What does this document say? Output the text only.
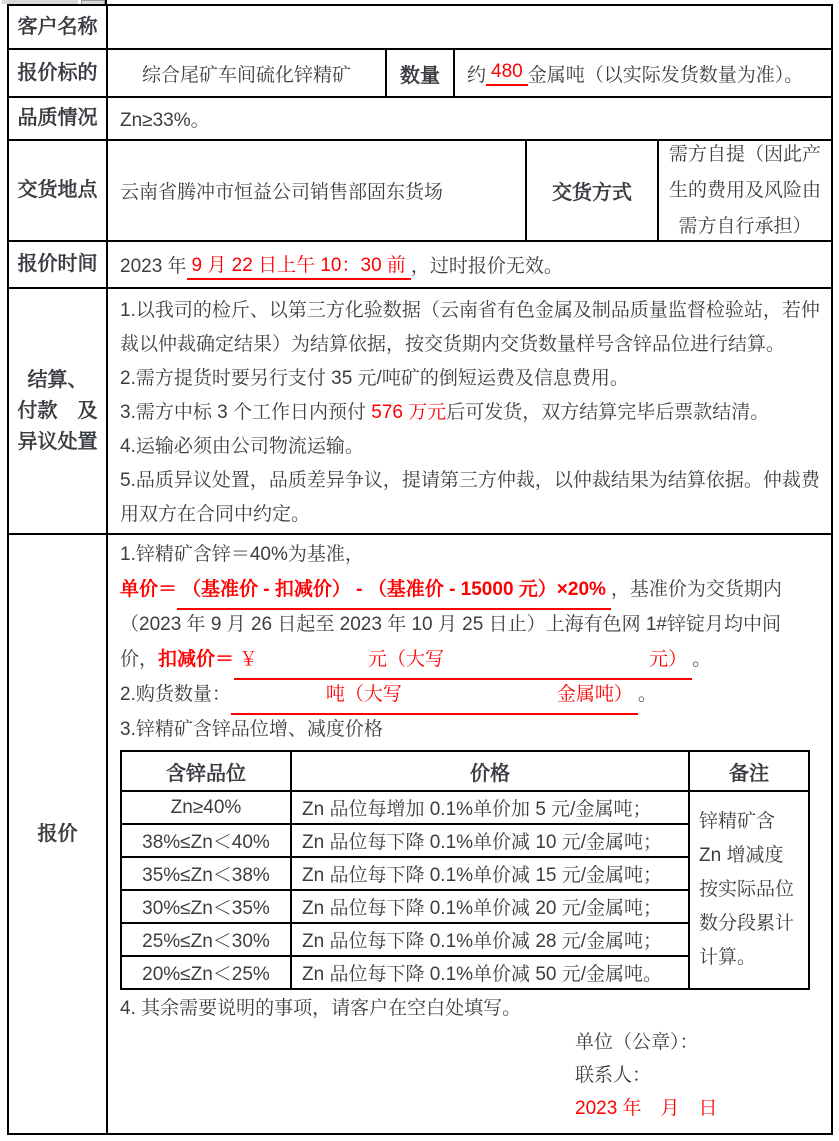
客户名称
报价标的 综合尾矿车间硫化锌精矿 数量 约 480 金属吨（以实际发货数量为准）。
品质情况 Zn≥33%。
交货地点 云南省腾冲市恒益公司销售部固东货场	交货方式
需方自提（因此产生的费用及风险由需方自行承担）
报价时间 2023 年 9 月 22 日上午 10：30 前 ，过时报价无效。
结算、
付款　及
异议处置
1.以我司的检斤、以第三方化验数据（云南省有色金属及制品质量监督检验站，若仲裁以仲裁确定结果）为结算依据，按交货期内交货数量样号含锌品位进行结算。
2.需方提货时要另行支付 35 元/吨矿的倒短运费及信息费用。
3.需方中标 3 个工作日内预付 576 万元后可发货，双方结算完毕后票款结清。
4.运输必须由公司物流运输。
5.品质异议处置，品质差异争议，提请第三方仲裁，以仲裁结果为结算依据。仲裁费用双方在合同中约定。
报价
1.锌精矿含锌＝40%为基准，
单价＝ （基准价 - 扣减价） - （基准价 - 15000 元）×20% ，基准价为交货期内
（2023 年 9 月 26 日起至 2023 年 10 月 25 日止）上海有色网 1#锌锭月均中间
价，扣减价＝ ￥	元（大写	元） 。
2.购货数量：	吨（大写	金属吨） 。
3.锌精矿含锌品位增、减度价格
含锌品位	价格	备注
Zn≥40%	Zn 品位每增加 0.1%单价加 5 元/金属吨；	锌精矿含 Zn 增减度按实际品位数分段累计计算。
38%≤Zn＜40%	Zn 品位每下降 0.1%单价减 10 元/金属吨；	
35%≤Zn＜38%	Zn 品位每下降 0.1%单价减 15 元/金属吨；	
30%≤Zn＜35%	Zn 品位每下降 0.1%单价减 20 元/金属吨；	
25%≤Zn＜30%	Zn 品位每下降 0.1%单价减 28 元/金属吨；	
20%≤Zn＜25%	Zn 品位每下降 0.1%单价减 50 元/金属吨。	
4. 其余需要说明的事项，请客户在空白处填写。
单位（公章）：
联系人：
2023 年　月　日
